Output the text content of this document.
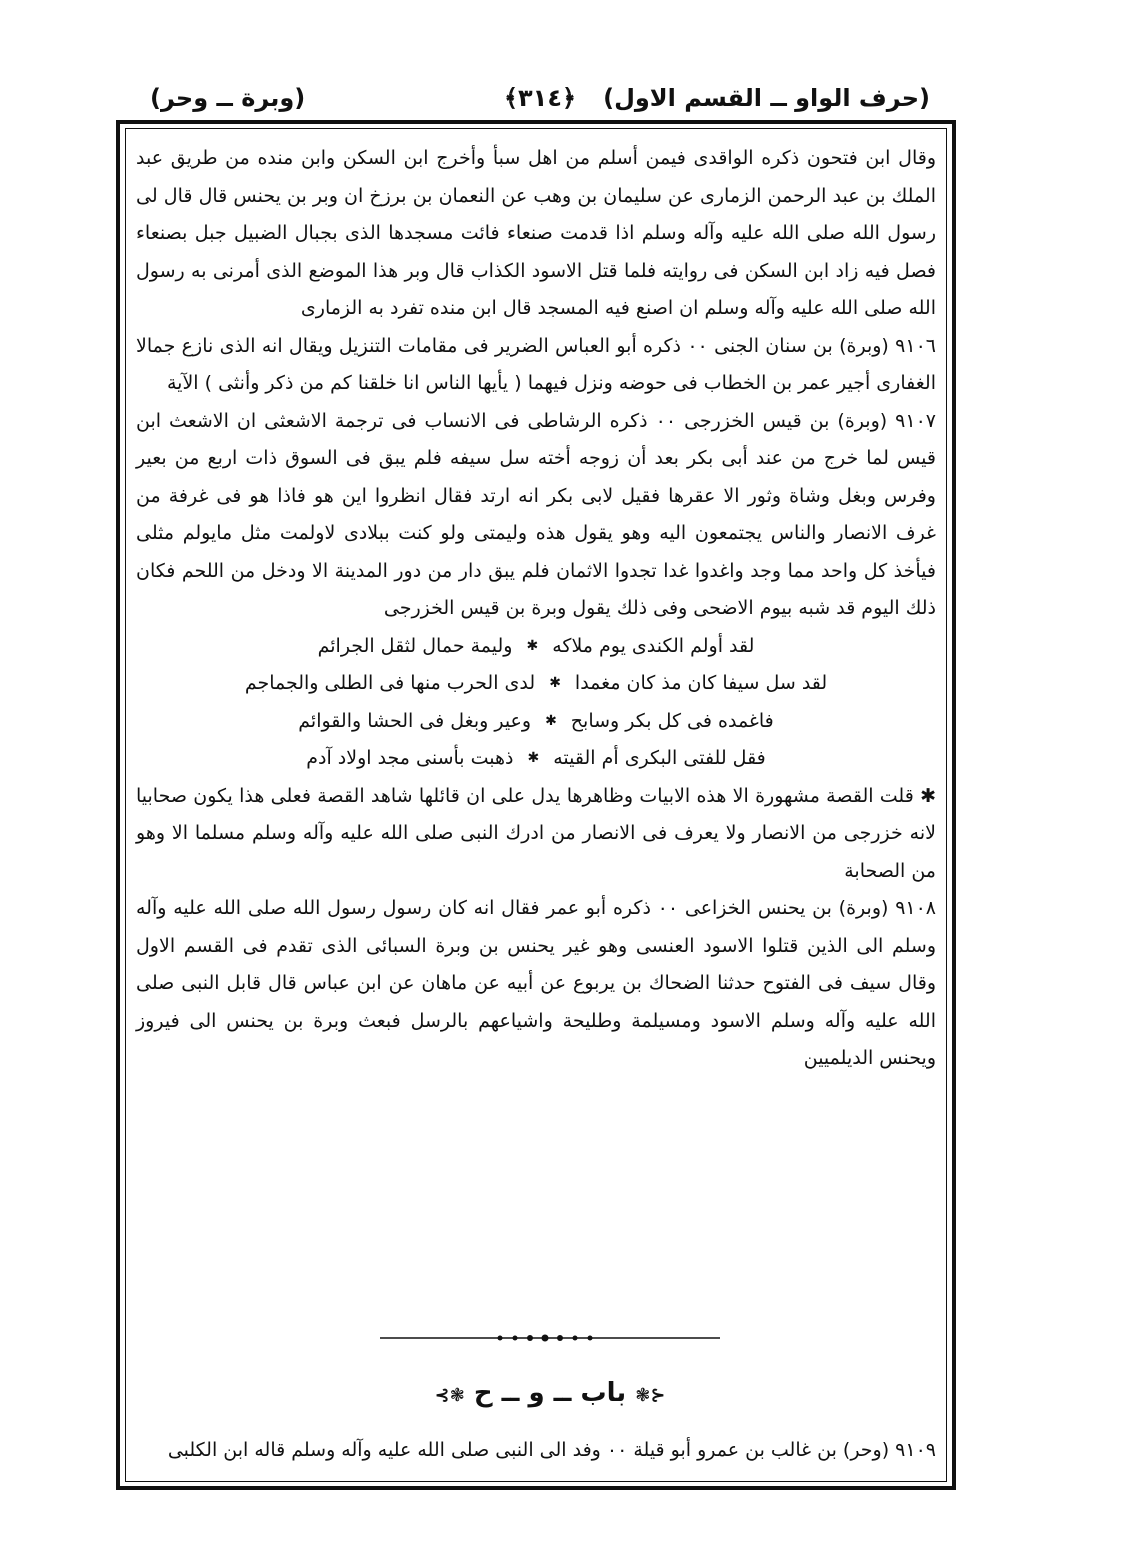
(حرف الواو ــ القسم الاول)
﴿٣١٤﴾
(وبرة ــ وحر)

وقال ابن فتحون ذكره الواقدى فيمن أسلم من اهل سبأ وأخرج ابن السكن وابن منده من طريق عبد الملك بن عبد الرحمن الزمارى عن سليمان بن وهب عن النعمان بن برزخ ان وبر بن يحنس قال قال لى رسول الله صلى الله عليه وآله وسلم اذا قدمت صنعاء فائت مسجدها الذى بجبال الضبيل جبل بصنعاء فصل فيه زاد ابن السكن فى روايته فلما قتل الاسود الكذاب قال وبر هذا الموضع الذى أمرنى به رسول الله صلى الله عليه وآله وسلم ان اصنع فيه المسجد قال ابن منده تفرد به الزمارى

٩١٠٦ (وبرة) بن سنان الجنى ٠٠ ذكره أبو العباس الضرير فى مقامات التنزيل ويقال انه الذى نازع جمالا الغفارى أجير عمر بن الخطاب فى حوضه ونزل فيهما ( يأيها الناس انا خلقنا كم من ذكر وأنثى ) الآية

٩١٠٧ (وبرة) بن قيس الخزرجى ٠٠ ذكره الرشاطى فى الانساب فى ترجمة الاشعثى ان الاشعث ابن قيس لما خرج من عند أبى بكر بعد أن زوجه أخته سل سيفه فلم يبق فى السوق ذات اربع من بعير وفرس وبغل وشاة وثور الا عقرها فقيل لابى بكر انه ارتد فقال انظروا اين هو فاذا هو فى غرفة من غرف الانصار والناس يجتمعون اليه وهو يقول هذه وليمتى ولو كنت ببلادى لاولمت مثل مايولم مثلى فيأخذ كل واحد مما وجد واغدوا غدا تجدوا الاثمان فلم يبق دار من دور المدينة الا ودخل من اللحم فكان ذلك اليوم قد شبه بيوم الاضحى وفى ذلك يقول وبرة بن قيس الخزرجى

لقد أولم الكندى يوم ملاكه
✱
وليمة حمال لثقل الجرائم
لقد سل سيفا كان مذ كان مغمدا
✱
لدى الحرب منها فى الطلى والجماجم
فاغمده فى كل بكر وسابح
✱
وعير وبغل فى الحشا والقوائم
فقل للفتى البكرى أم القيته
✱
ذهبت بأسنى مجد اولاد آدم

✱ قلت القصة مشهورة الا هذه الابيات وظاهرها يدل على ان قائلها شاهد القصة فعلى هذا يكون صحابيا لانه خزرجى من الانصار ولا يعرف فى الانصار من ادرك النبى صلى الله عليه وآله وسلم مسلما الا وهو من الصحابة

٩١٠٨ (وبرة) بن يحنس الخزاعى ٠٠ ذكره أبو عمر فقال انه كان رسول رسول الله صلى الله عليه وآله وسلم الى الذين قتلوا الاسود العنسى وهو غير يحنس بن وبرة السبائى الذى تقدم فى القسم الاول وقال سيف فى الفتوح حدثنا الضحاك بن يربوع عن أبيه عن ماهان عن ابن عباس قال قابل النبى صلى الله عليه وآله وسلم الاسود ومسيلمة وطليحة واشياعهم بالرسل فبعث وبرة بن يحنس الى فيروز ويحنس الديلميين

⊰❃ باب ــ و ــ ح ❃⊱
٩١٠٩ (وحر) بن غالب بن عمرو أبو قيلة ٠٠ وفد الى النبى صلى الله عليه وآله وسلم قاله ابن الكلبى
